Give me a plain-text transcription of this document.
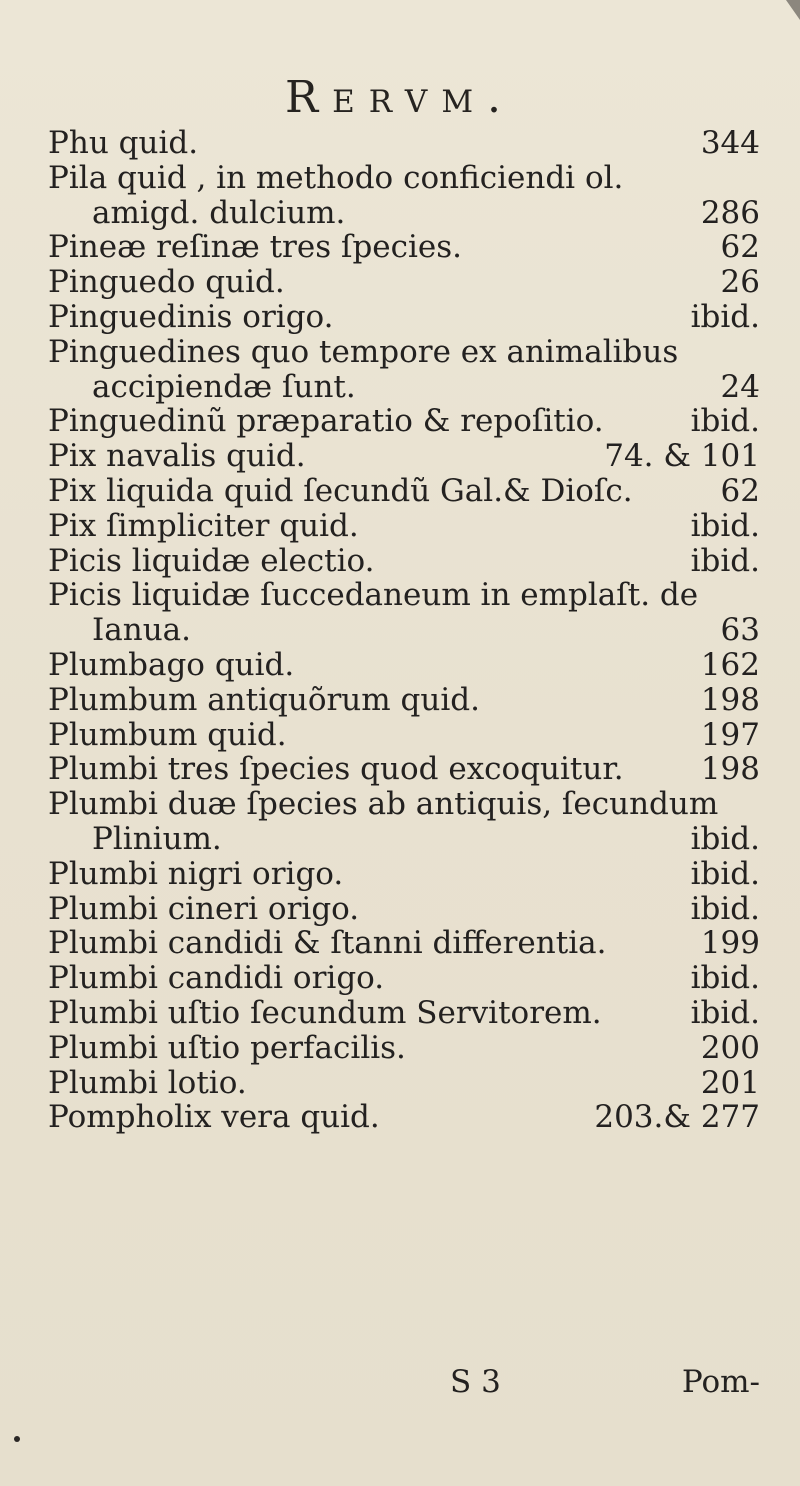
Rervm.
Phu quid.	344
Pila quid , in methodo conficiendi ol.
amigd. dulcium.	286
Pineæ reſinæ tres ſpecies.	62
Pinguedo quid.	26
Pinguedinis origo.	ibid.
Pinguedines quo tempore ex animalibus
accipiendæ ſunt.	24
Pinguedinũ præparatio & repoſitio.	ibid.
Pix navalis quid.	74. & 101
Pix liquida quid ſecundũ Gal.& Dioſc.	62
Pix ſimpliciter quid.	ibid.
Picis liquidæ electio.	ibid.
Picis liquidæ ſuccedaneum in emplaſt. de
Ianua.	63
Plumbago quid.	162
Plumbum antiquõrum quid.	198
Plumbum quid.	197
Plumbi tres ſpecies quod excoquitur.	198
Plumbi duæ ſpecies ab antiquis, ſecundum
Plinium.	ibid.
Plumbi nigri origo.	ibid.
Plumbi cineri origo.	ibid.
Plumbi candidi & ſtanni differentia.	199
Plumbi candidi origo.	ibid.
Plumbi uſtio ſecundum Servitorem.	ibid.
Plumbi uſtio perfacilis.	200
Plumbi lotio.	201
Pompholix vera quid.	203.& 277
S 3	Pom-
